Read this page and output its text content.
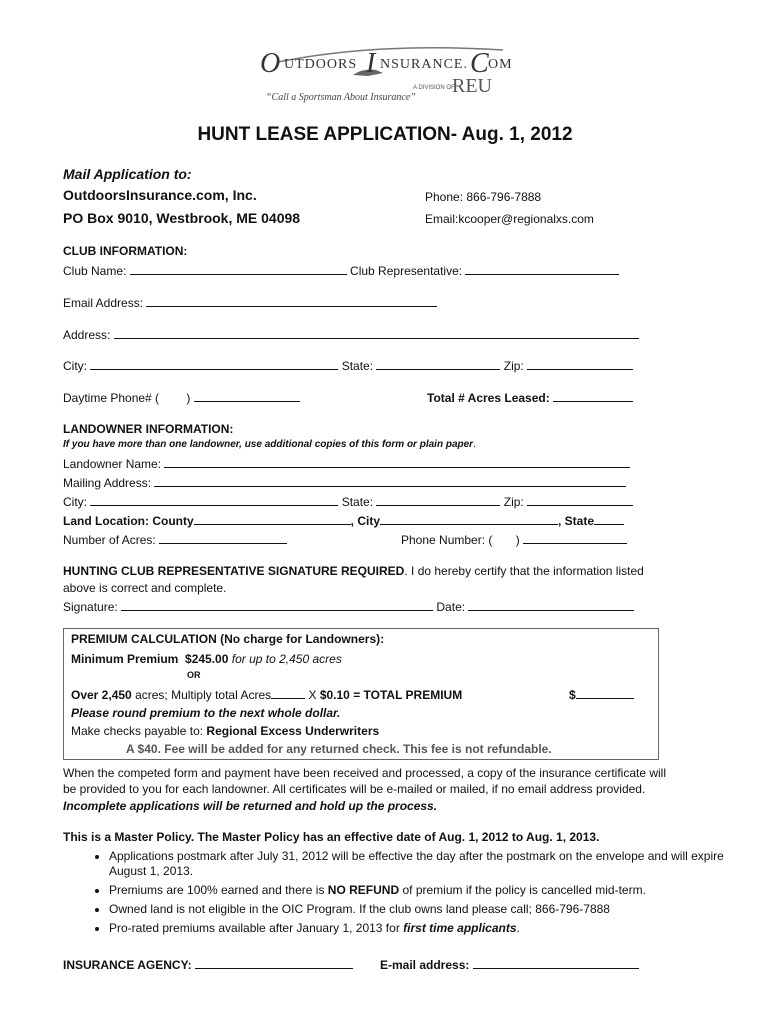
O UTDOORS I NSURANCE. C OM
A DIVISION OF
REU
“Call a Sportsman About Insurance”
HUNT LEASE APPLICATION- Aug. 1, 2012
Mail Application to:
OutdoorsInsurance.com, Inc.
PO Box 9010, Westbrook, ME 04098
Phone: 866-796-7888
Email:kcooper@regionalxs.com
CLUB INFORMATION:
Club Name:	Club Representative:
Email Address:
Address:
City:	State:	Zip:
Daytime Phone# ( )	Total # Acres Leased:
LANDOWNER INFORMATION:
If you have more than one landowner, use additional copies of this form or plain paper.
Landowner Name:
Mailing Address:
City:	State:	Zip:
Land Location: County	, City	, State
Number of Acres:	Phone Number: ( )
HUNTING CLUB REPRESENTATIVE SIGNATURE REQUIRED. I do hereby certify that the information listed
above is correct and complete.
Signature:	Date:
PREMIUM CALCULATION (No charge for Landowners):
Minimum Premium $245.00 for up to 2,450 acres
OR
Over 2,450 acres; Multiply total Acres	X $0.10 = TOTAL PREMIUM	$
Please round premium to the next whole dollar.
Make checks payable to: Regional Excess Underwriters
A $40. Fee will be added for any returned check. This fee is not refundable.
When the competed form and payment have been received and processed, a copy of the insurance certificate will
be provided to you for each landowner. All certificates will be e-mailed or mailed, if no email address provided.
Incomplete applications will be returned and hold up the process.
This is a Master Policy. The Master Policy has an effective date of Aug. 1, 2012 to Aug. 1, 2013.
• Applications postmark after July 31, 2012 will be effective the day after the postmark on the envelope and will expire August 1, 2013.
• Premiums are 100% earned and there is NO REFUND of premium if the policy is cancelled mid-term.
• Owned land is not eligible in the OIC Program. If the club owns land please call; 866-796-7888
• Pro-rated premiums available after January 1, 2013 for first time applicants.
INSURANCE AGENCY:	E-mail address:
